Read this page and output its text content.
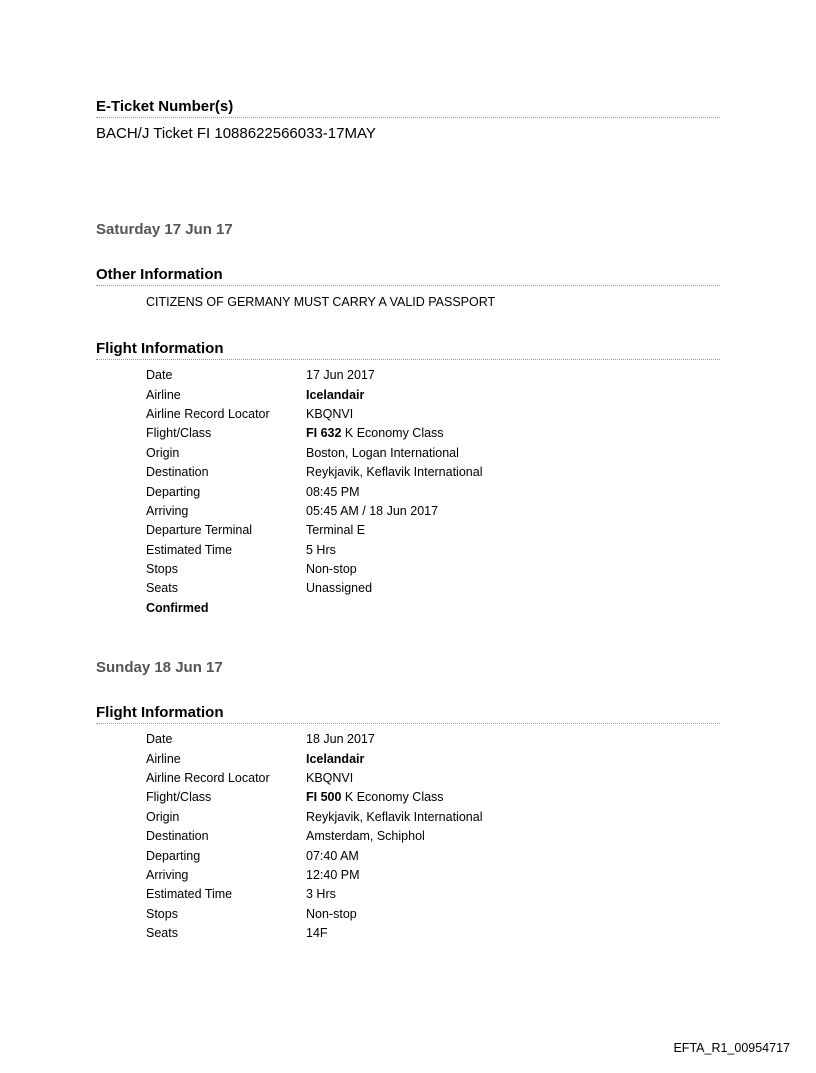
E-Ticket Number(s)
BACH/J Ticket FI 1088622566033-17MAY
Saturday 17 Jun 17
Other Information
CITIZENS OF GERMANY MUST CARRY A VALID PASSPORT
Flight Information
Date	17 Jun 2017
Airline	Icelandair
Airline Record Locator	KBQNVI
Flight/Class	FI 632 K Economy Class
Origin	Boston, Logan International
Destination	Reykjavik, Keflavik International
Departing	08:45 PM
Arriving	05:45 AM / 18 Jun 2017
Departure Terminal	Terminal E
Estimated Time	5 Hrs
Stops	Non-stop
Seats	Unassigned
Confirmed
Sunday 18 Jun 17
Flight Information
Date	18 Jun 2017
Airline	Icelandair
Airline Record Locator	KBQNVI
Flight/Class	FI 500 K Economy Class
Origin	Reykjavik, Keflavik International
Destination	Amsterdam, Schiphol
Departing	07:40 AM
Arriving	12:40 PM
Estimated Time	3 Hrs
Stops	Non-stop
Seats	14F
EFTA_R1_00954717
